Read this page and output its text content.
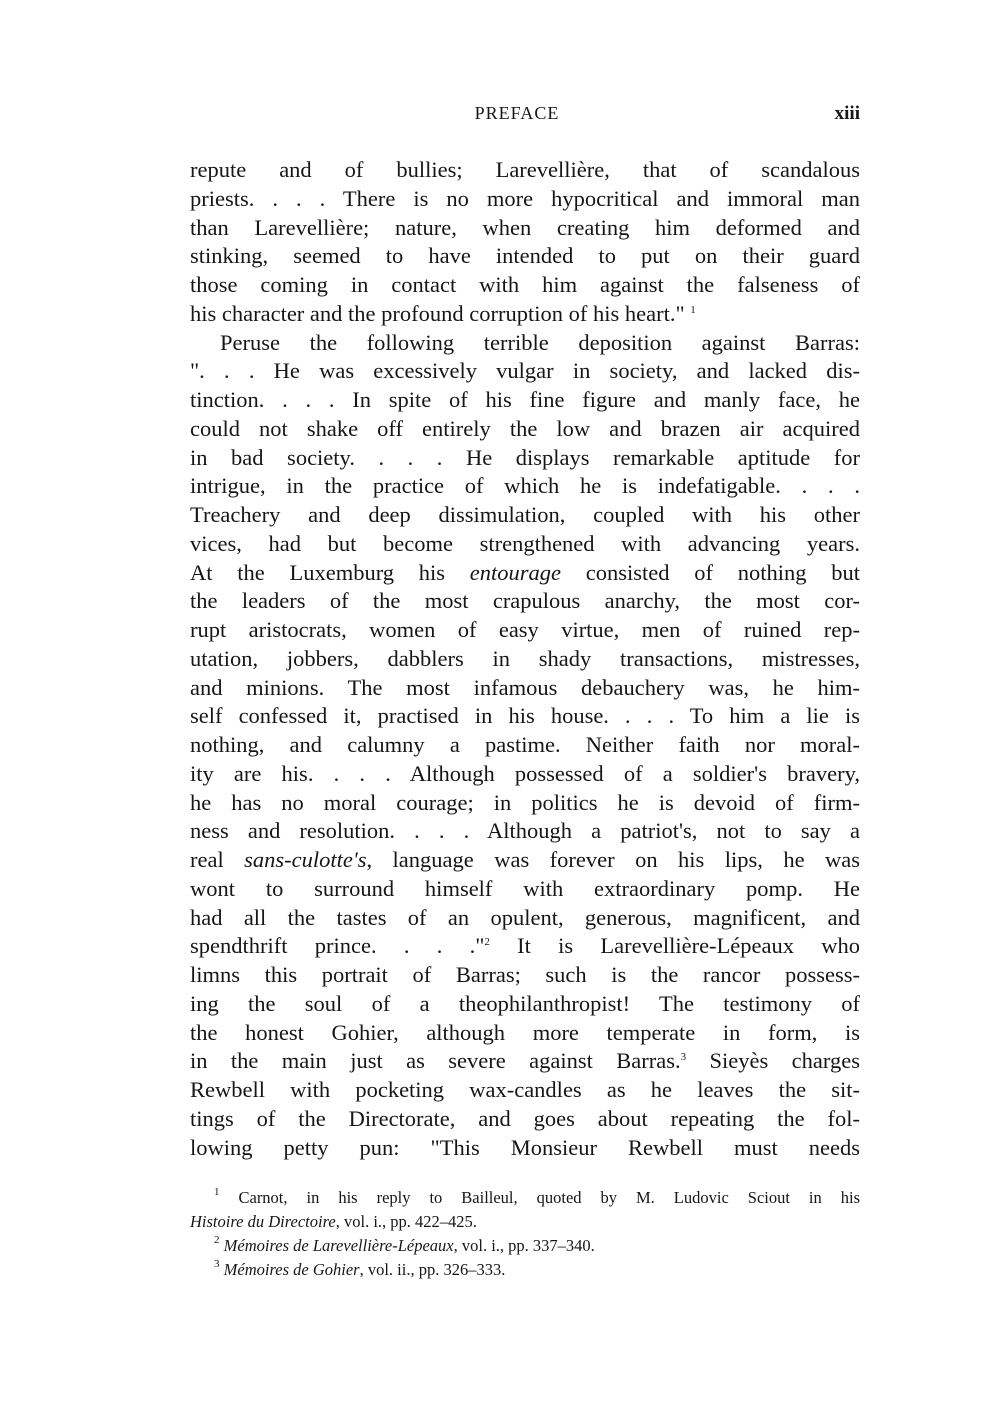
PREFACE	xiii
repute and of bullies; Larevellière, that of scandalous
priests. . . . There is no more hypocritical and immoral man
than Larevellière; nature, when creating him deformed and
stinking, seemed to have intended to put on their guard
those coming in contact with him against the falseness of
his character and the profound corruption of his heart." $^1$
Peruse the following terrible deposition against Barras:
". . . He was excessively vulgar in society, and lacked dis-
tinction. . . . In spite of his fine figure and manly face, he
could not shake off entirely the low and brazen air acquired
in bad society. . . . He displays remarkable aptitude for
intrigue, in the practice of which he is indefatigable. . . .
Treachery and deep dissimulation, coupled with his other
vices, had but become strengthened with advancing years.
At the Luxemburg his entourage consisted of nothing but
the leaders of the most crapulous anarchy, the most cor-
rupt aristocrats, women of easy virtue, men of ruined rep-
utation, jobbers, dabblers in shady transactions, mistresses,
and minions. The most infamous debauchery was, he him-
self confessed it, practised in his house. . . . To him a lie is
nothing, and calumny a pastime. Neither faith nor moral-
ity are his. . . . Although possessed of a soldier's bravery,
he has no moral courage; in politics he is devoid of firm-
ness and resolution. . . . Although a patriot's, not to say a
real sans-culotte's, language was forever on his lips, he was
wont to surround himself with extraordinary pomp. He
had all the tastes of an opulent, generous, magnificent, and
spendthrift prince. . . ."$^2$ It is Larevellière-Lépeaux who
limns this portrait of Barras; such is the rancor possess-
ing the soul of a theophilanthropist! The testimony of
the honest Gohier, although more temperate in form, is
in the main just as severe against Barras.$^3$ Sieyès charges
Rewbell with pocketing wax-candles as he leaves the sit-
tings of the Directorate, and goes about repeating the fol-
lowing petty pun: "This Monsieur Rewbell must needs
$^1$ Carnot, in his reply to Bailleul, quoted by M. Ludovic Sciout in his
Histoire du Directoire, vol. i., pp. 422–425.
$^2$ Mémoires de Larevellière-Lépeaux, vol. i., pp. 337–340.
$^3$ Mémoires de Gohier, vol. ii., pp. 326–333.
